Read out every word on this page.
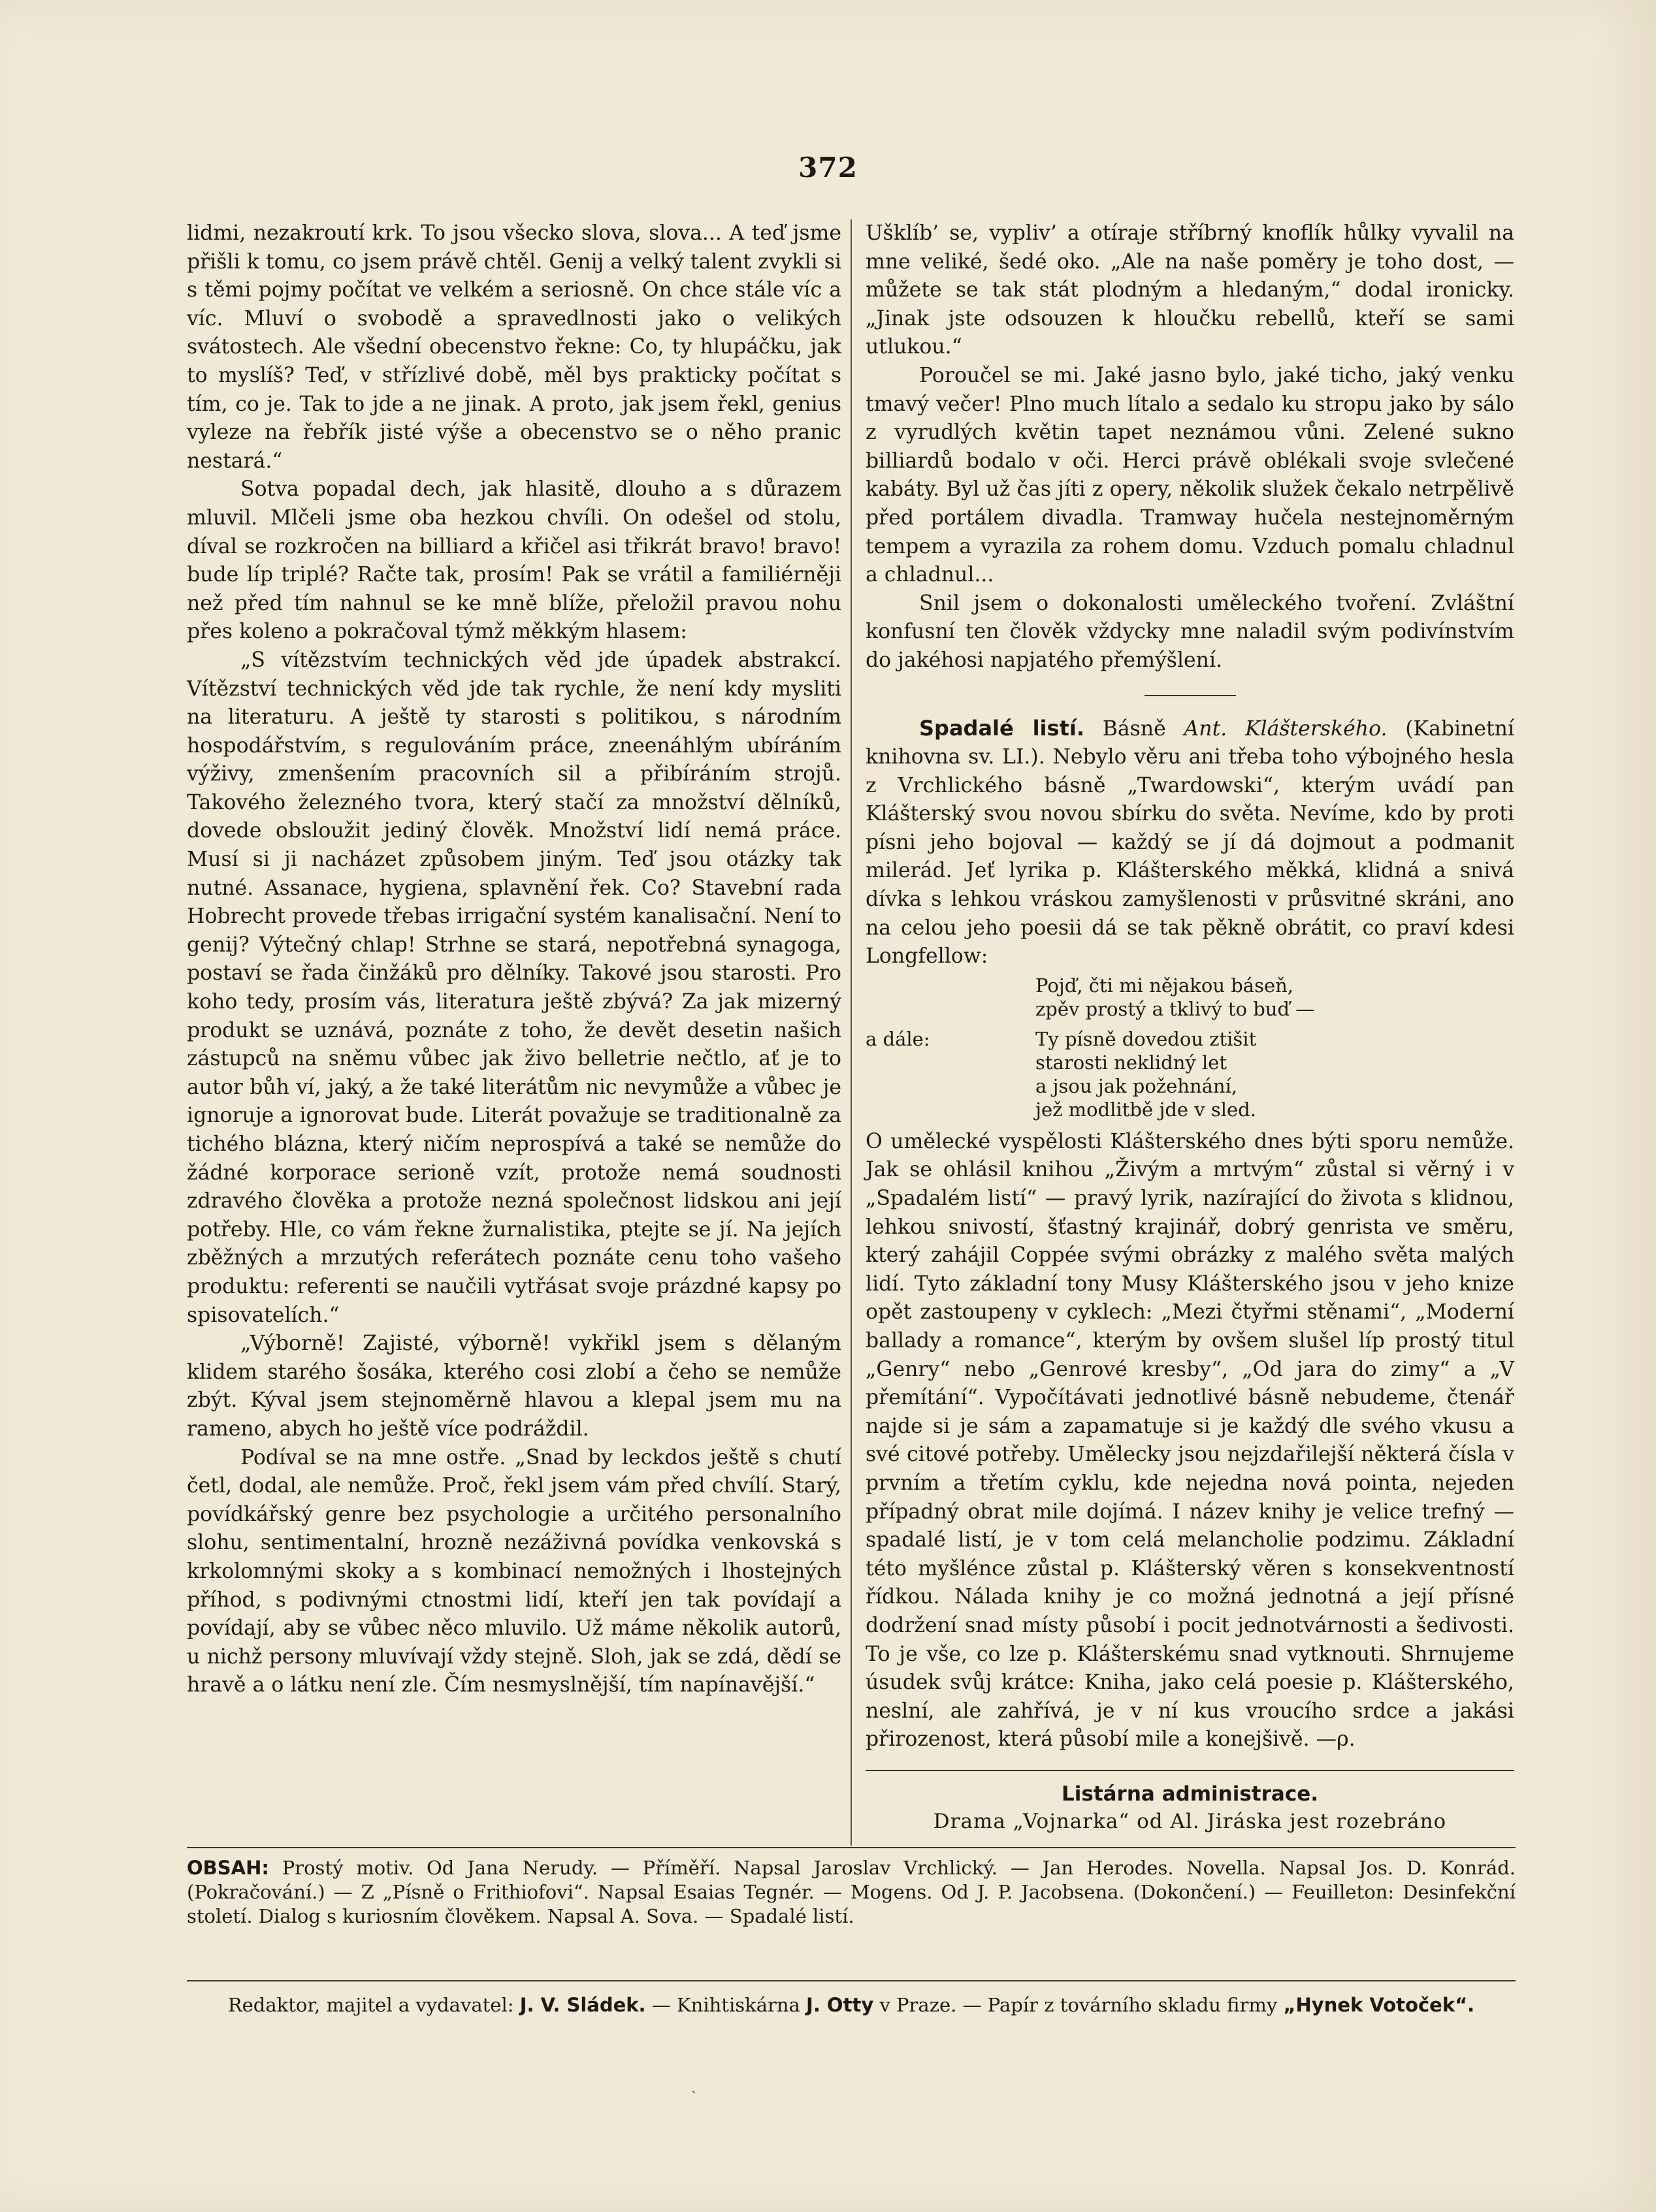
372

lidmi, nezakroutí krk. To jsou všecko slova, slova... A teď jsme přišli k tomu, co jsem právě chtěl. Genij a velký talent zvykli si s těmi pojmy počítat ve velkém a seriosně. On chce stále víc a víc. Mluví o svobodě a spravedlnosti jako o velikých svátostech. Ale všední obecenstvo řekne: Co, ty hlupáčku, jak to myslíš? Teď, v střízlivé době, měl bys prakticky počítat s tím, co je. Tak to jde a ne jinak. A proto, jak jsem řekl, genius vyleze na řebřík jisté výše a obecenstvo se o něho pranic nestará.“

Sotva popadal dech, jak hlasitě, dlouho a s důrazem mluvil. Mlčeli jsme oba hezkou chvíli. On odešel od stolu, díval se rozkročen na billiard a křičel asi třikrát bravo! bravo! bude líp triplé? Račte tak, prosím! Pak se vrátil a familiérněji než před tím nahnul se ke mně blíže, přeložil pravou nohu přes koleno a pokračoval týmž měkkým hlasem:

„S vítězstvím technických věd jde úpadek abstrakcí. Vítězství technických věd jde tak rychle, že není kdy mysliti na literaturu. A ještě ty starosti s politikou, s národním hospodářstvím, s regulováním práce, zneenáhlým ubíráním výživy, zmenšením pracovních sil a přibíráním strojů. Takového železného tvora, který stačí za množství dělníků, dovede obsloužit jediný člověk. Množství lidí nemá práce. Musí si ji nacházet způsobem jiným. Teď jsou otázky tak nutné. Assanace, hygiena, splavnění řek. Co? Stavební rada Hobrecht provede třebas irrigační systém kanalisační. Není to genij? Výtečný chlap! Strhne se stará, nepotřebná synagoga, postaví se řada činžáků pro dělníky. Takové jsou starosti. Pro koho tedy, prosím vás, literatura ještě zbývá? Za jak mizerný produkt se uznává, poznáte z toho, že devět desetin našich zástupců na sněmu vůbec jak živo belletrie nečtlo, ať je to autor bůh ví, jaký, a že také literátům nic nevymůže a vůbec je ignoruje a ignorovat bude. Literát považuje se traditionalně za tichého blázna, který ničím neprospívá a také se nemůže do žádné korporace serioně vzít, protože nemá soudnosti zdravého člověka a protože nezná společnost lidskou ani její potřeby. Hle, co vám řekne žurnalistika, ptejte se jí. Na jejích zběžných a mrzutých referátech poznáte cenu toho vašeho produktu: referenti se naučili vytřásat svoje prázdné kapsy po spisovatelích.“

„Výborně! Zajisté, výborně! vykřikl jsem s dělaným klidem starého šosáka, kterého cosi zlobí a čeho se nemůže zbýt. Kýval jsem stejnoměrně hlavou a klepal jsem mu na rameno, abych ho ještě více podráždil.

Podíval se na mne ostře. „Snad by leckdos ještě s chutí četl, dodal, ale nemůže. Proč, řekl jsem vám před chvílí. Starý, povídkářský genre bez psychologie a určitého personalního slohu, sentimentalní, hrozně nezáživná povídka venkovská s krkolomnými skoky a s kombinací nemožných i lhostejných příhod, s podivnými ctnostmi lidí, kteří jen tak povídají a povídají, aby se vůbec něco mluvilo. Už máme několik autorů, u nichž persony mluvívají vždy stejně. Sloh, jak se zdá, dědí se hravě a o látku není zle. Čím nesmyslnější, tím napínavější.“

Ušklíb’ se, vypliv’ a otíraje stříbrný knoflík hůlky vyvalil na mne veliké, šedé oko. „Ale na naše poměry je toho dost, — můžete se tak stát plodným a hledaným,“ dodal ironicky. „Jinak jste odsouzen k hloučku rebellů, kteří se sami utlukou.“

Poroučel se mi. Jaké jasno bylo, jaké ticho, jaký venku tmavý večer! Plno much lítalo a sedalo ku stropu jako by sálo z vyrudlých květin tapet neznámou vůni. Zelené sukno billiardů bodalo v oči. Herci právě oblékali svoje svlečené kabáty. Byl už čas jíti z opery, několik služek čekalo netrpělivě před portálem divadla. Tramway hučela nestejnoměrným tempem a vyrazila za rohem domu. Vzduch pomalu chladnul a chladnul...

Snil jsem o dokonalosti uměleckého tvoření. Zvláštní konfusní ten člověk vždycky mne naladil svým podivínstvím do jakéhosi napjatého přemýšlení.

Spadalé listí. Básně Ant. Klášterského. (Kabinetní knihovna sv. LI.). Nebylo věru ani třeba toho výbojného hesla z Vrchlického básně „Twardowski“, kterým uvádí pan Klášterský svou novou sbírku do světa. Nevíme, kdo by proti písni jeho bojoval — každý se jí dá dojmout a podmanit milerád. Jeť lyrika p. Klášterského měkká, klidná a snivá dívka s lehkou vráskou zamyšlenosti v průsvitné skráni, ano na celou jeho poesii dá se tak pěkně obrátit, co praví kdesi Longfellow:

Pojď, čti mi nějakou báseň,
zpěv prostý a tklivý to buď —
a dále:	Ty písně dovedou ztišit
starosti neklidný let
a jsou jak požehnání,
jež modlitbě jde v sled.

O umělecké vyspělosti Klášterského dnes býti sporu nemůže. Jak se ohlásil knihou „Živým a mrtvým“ zůstal si věrný i v „Spadalém listí“ — pravý lyrik, nazírající do života s klidnou, lehkou snivostí, šťastný krajinář, dobrý genrista ve směru, který zahájil Coppée svými obrázky z malého světa malých lidí. Tyto základní tony Musy Klášterského jsou v jeho knize opět zastoupeny v cyklech: „Mezi čtyřmi stěnami“, „Moderní ballady a romance“, kterým by ovšem slušel líp prostý titul „Genry“ nebo „Genrové kresby“, „Od jara do zimy“ a „V přemítání“. Vypočítávati jednotlivé básně nebudeme, čtenář najde si je sám a zapamatuje si je každý dle svého vkusu a své citové potřeby. Umělecky jsou nejzdařilejší některá čísla v prvním a třetím cyklu, kde nejedna nová pointa, nejeden případný obrat mile dojímá. I název knihy je velice trefný — spadalé listí, je v tom celá melancholie podzimu. Základní této myšlénce zůstal p. Klášterský věren s konsekventností řídkou. Nálada knihy je co možná jednotná a její přísné dodržení snad místy působí i pocit jednotvárnosti a šedivosti. To je vše, co lze p. Klášterskému snad vytknouti. Shrnujeme úsudek svůj krátce: Kniha, jako celá poesie p. Klášterského, neslní, ale zahřívá, je v ní kus vroucího srdce a jakási přirozenost, která působí mile a konejšivě. —ρ.

Listárna administrace.
Drama „Vojnarka“ od Al. Jiráska jest rozebráno
OBSAH: Prostý motiv. Od Jana Nerudy. — Příměří. Napsal Jaroslav Vrchlický. — Jan Herodes. Novella. Napsal Jos. D. Konrád. (Pokračování.) — Z „Písně o Frithiofovi“. Napsal Esaias Tegnér. — Mogens. Od J. P. Jacobsena. (Dokončení.) — Feuilleton: Desinfekční století. Dialog s kuriosním člověkem. Napsal A. Sova. — Spadalé listí.
Redaktor, majitel a vydavatel: J. V. Sládek. — Knihtiskárna J. Otty v Praze. — Papír z továrního skladu firmy „Hynek Votoček“.
ˏ
